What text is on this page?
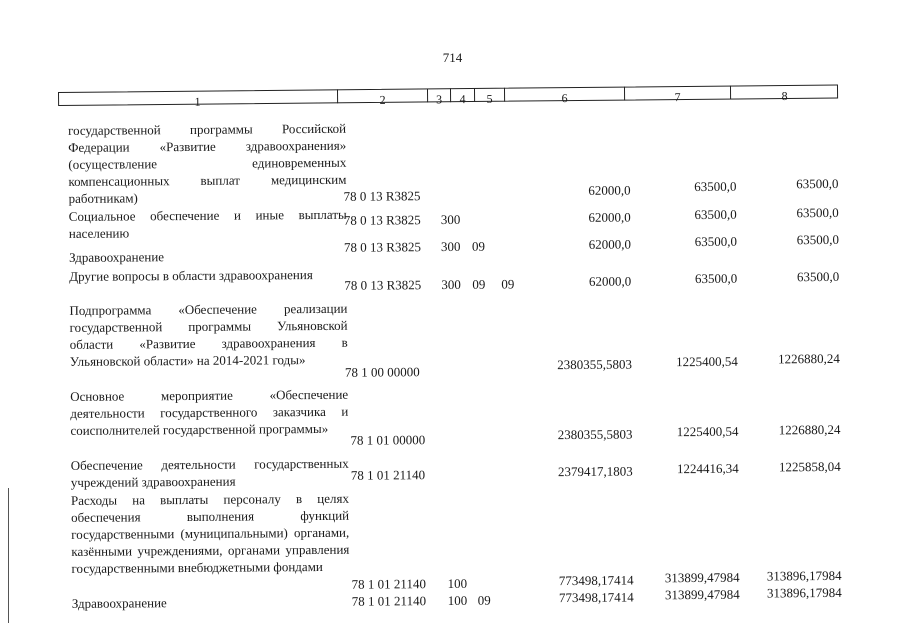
714
1	2	3	4	5	6	7	8
государственной программы Российской Федерации «Развитие здравоохранения» (осуществление единовременных компенсационных выплат медицинским работникам)	78 0 13 R3825	62000,0	63500,0	63500,0
Социальное обеспечение и иные выплаты населению
78 0 13 R3825 300	62000,0	63500,0	63500,0
Здравоохранение
78 0 13 R3825 300 09	62000,0	63500,0	63500,0
Другие вопросы в области здравоохранения
78 0 13 R3825 300 09 09	62000,0	63500,0	63500,0
Подпрограмма «Обеспечение реализации государственной программы Ульяновской области «Развитие здравоохранения в Ульяновской области» на 2014-2021 годы»
78 1 00 00000	2380355,5803	1225400,54	1226880,24
Основное мероприятие «Обеспечение деятельности государственного заказчика и соисполнителей государственной программы»
78 1 01 00000	2380355,5803	1225400,54	1226880,24
Обеспечение деятельности государственных учреждений здравоохранения	78 1 01 21140	2379417,1803	1224416,34	1225858,04
Расходы на выплаты персоналу в целях обеспечения выполнения функций государственными (муниципальными) органами, казёнными учреждениями, органами управления государственными внебюджетными фондами
78 1 01 21140 100	773498,17414 313899,47984 313896,17984
Здравоохранение	78 1 01 21140 100 09	773498,17414 313899,47984 313896,17984
